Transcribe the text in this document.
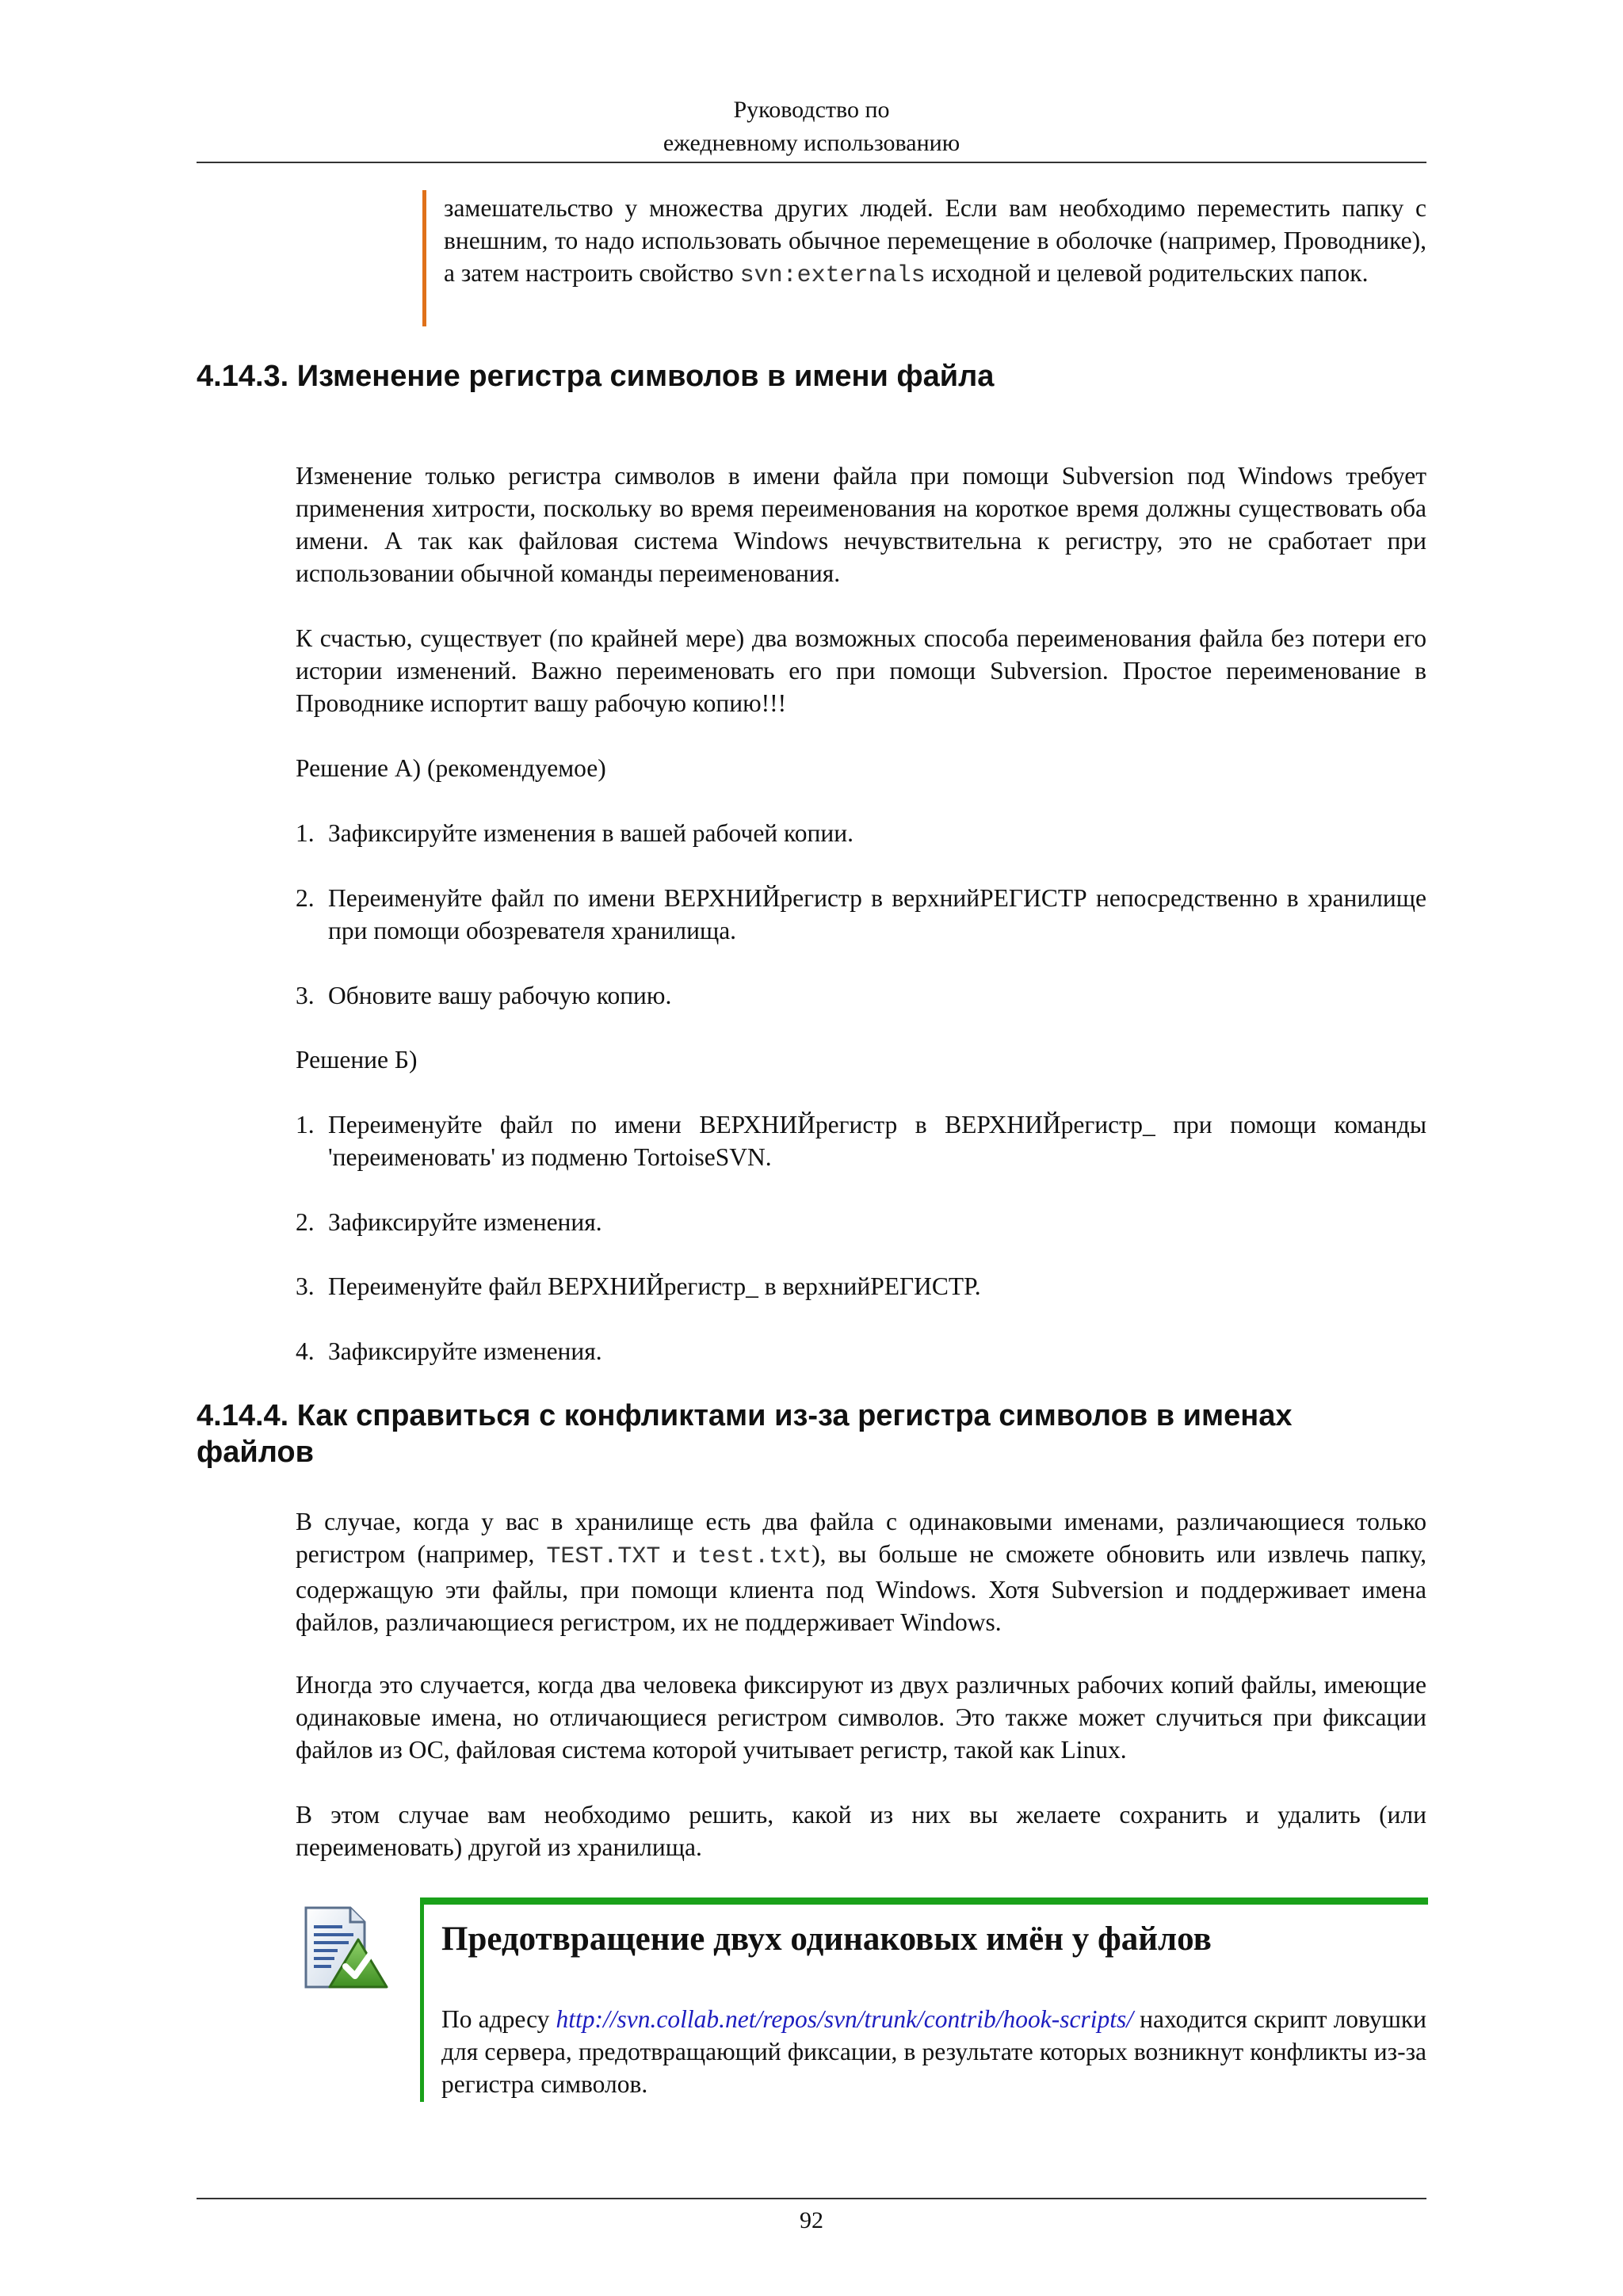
Руководство по
ежедневному использованию
замешательство у множества других людей. Если вам необходимо переместить папку с внешним, то надо использовать обычное перемещение в оболочке (например, Проводнике), а затем настроить свойство svn:externals исходной и целевой родительских папок.
4.14.3. Изменение регистра символов в имени файла
Изменение только регистра символов в имени файла при помощи Subversion под Windows требует применения хитрости, поскольку во время переименования на короткое время должны существовать оба имени. А так как файловая система Windows нечувствительна к регистру, это не сработает при использовании обычной команды переименования.
К счастью, существует (по крайней мере) два возможных способа переименования файла без потери его истории изменений. Важно переименовать его при помощи Subversion. Простое переименование в Проводнике испортит вашу рабочую копию!!!
Решение А) (рекомендуемое)
1. Зафиксируйте изменения в вашей рабочей копии.
2. Переименуйте файл по имени ВЕРХНИЙрегистр в верхнийРЕГИСТР непосредственно в хранилище при помощи обозревателя хранилища.
3. Обновите вашу рабочую копию.
Решение Б)
1. Переименуйте файл по имени ВЕРХНИЙрегистр в ВЕРХНИЙрегистр_ при помощи команды 'переименовать' из подменю TortoiseSVN.
2. Зафиксируйте изменения.
3. Переименуйте файл ВЕРХНИЙрегистр_ в верхнийРЕГИСТР.
4. Зафиксируйте изменения.
4.14.4. Как справиться с конфликтами из-за регистра символов в именах
файлов
В случае, когда у вас в хранилище есть два файла с одинаковыми именами, различающиеся только регистром (например, TEST.TXT и test.txt), вы больше не сможете обновить или извлечь папку, содержащую эти файлы, при помощи клиента под Windows. Хотя Subversion и поддерживает имена файлов, различающиеся регистром, их не поддерживает Windows.
Иногда это случается, когда два человека фиксируют из двух различных рабочих копий файлы, имеющие одинаковые имена, но отличающиеся регистром символов. Это также может случиться при фиксации файлов из ОС, файловая система которой учитывает регистр, такой как Linux.
В этом случае вам необходимо решить, какой из них вы желаете сохранить и удалить (или переименовать) другой из хранилища.
Предотвращение двух одинаковых имён у файлов
По адресу http://svn.collab.net/repos/svn/trunk/contrib/hook-scripts/ находится скрипт ловушки для сервера, предотвращающий фиксации, в результате которых возникнут конфликты из-за регистра символов.
92
